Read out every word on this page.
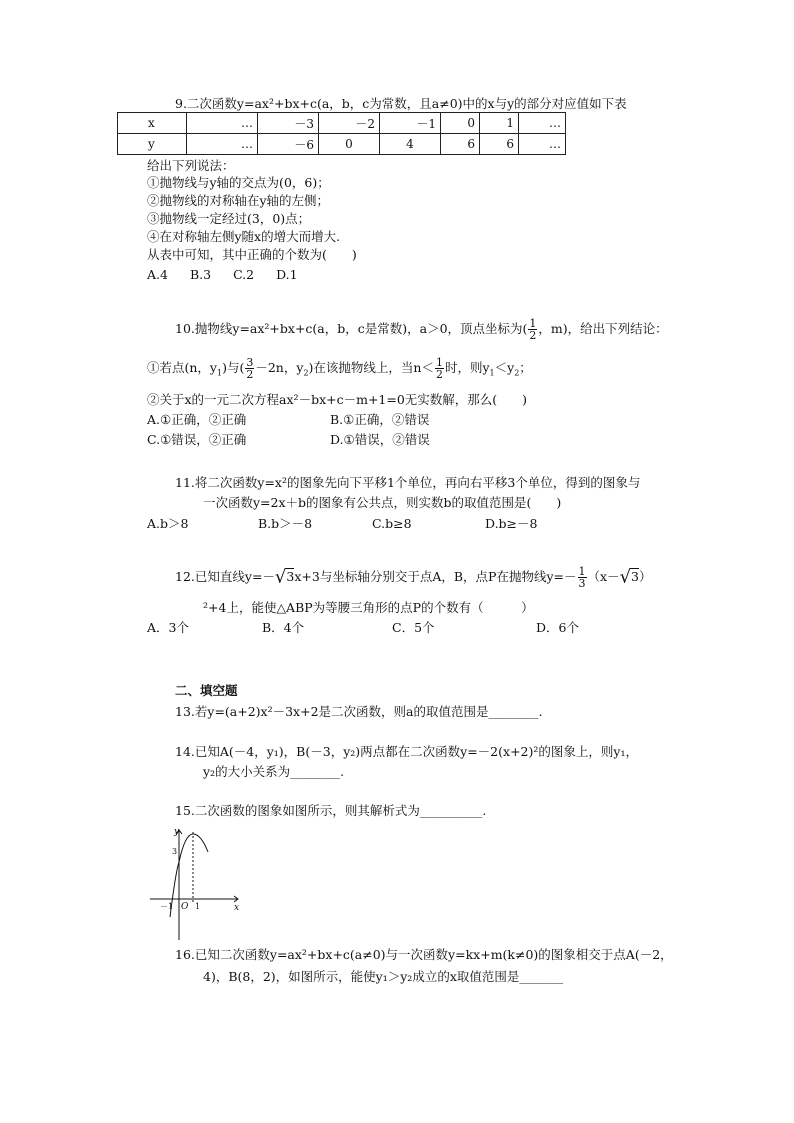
9.二次函数y=ax²+bx+c(a，b，c为常数，且a≠0)中的x与y的部分对应值如下表
x	…	－3	－2	－1	0	1	…
y	…	－6	0	4	6	6	…
给出下列说法：
①抛物线与y轴的交点为(0，6)；
②抛物线的对称轴在y轴的左侧；
③抛物线一定经过(3，0)点；
④在对称轴左侧y随x的增大而增大.
从表中可知，其中正确的个数为(　　)
A.4 B.3 C.2 D.1
10.抛物线y=ax²+bx+c(a，b，c是常数)，a＞0，顶点坐标为( $\frac{1}{2}$ ，m)，给出下列结论：
①若点(n，$y_1$)与( $\frac{3}{2} -2n$，$y_2$)在该抛物线上，当$n< \frac{1}{2}$ 时，则$y_1<y_2$；
②关于x的一元二次方程ax²－bx+c－m+1=0无实数解，那么(　　)
A.①正确，②正确	B.①正确，②错误
C.①错误，②正确	D.①错误，②错误
11.将二次函数y=x²的图象先向下平移1个单位，再向右平移3个单位，得到的图象与
一次函数y=2x＋b的图象有公共点，则实数b的取值范围是(　　)
A.b＞8	B.b＞－8	C.b≥8	D.b≥－8
12.已知直线y=－√3x+3与坐标轴分别交于点A，B，点P在抛物线$y=- \frac{1}{3} (x-√3)$
²+4上，能使△ABP为等腰三角形的点P的个数有（　　　）
A．3个	B．4个	C．5个	D．6个
二、填空题
13.若y=(a+2)x²－3x+2是二次函数，则a的取值范围是________.
14.已知A(－4，y₁)，B(－3，y₂)两点都在二次函数y=－2(x+2)²的图象上，则y₁，
y₂的大小关系为________.
15.二次函数的图象如图所示，则其解析式为__________.
y
x
O
－1	1
3
16.已知二次函数y=ax²+bx+c(a≠0)与一次函数y=kx+m(k≠0)的图象相交于点A(－2，
4)，B(8，2)，如图所示，能使y₁＞y₂成立的x取值范围是_______
